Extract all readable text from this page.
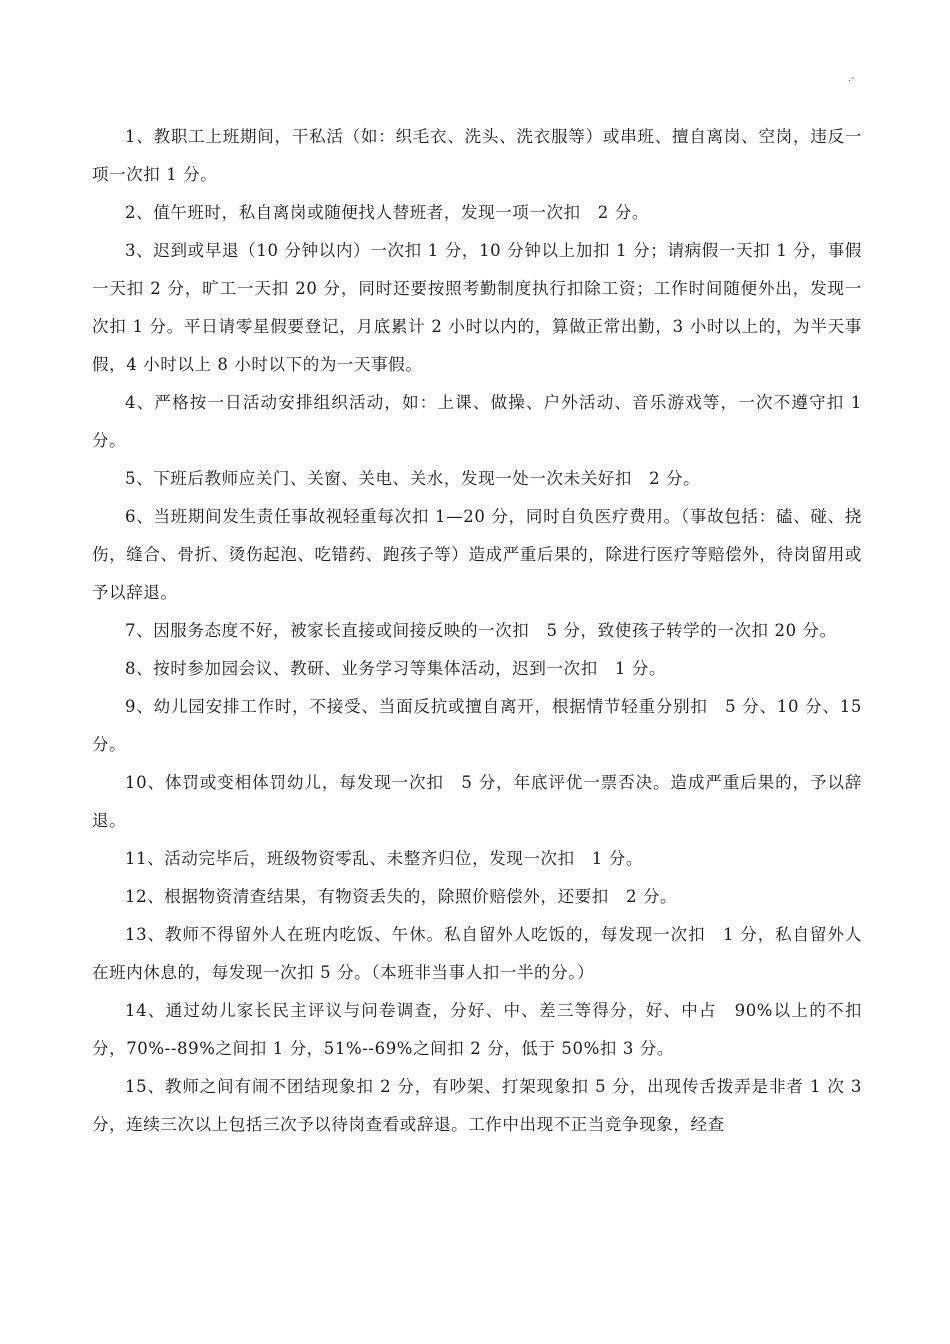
.-

1、教职工上班期间，干私活（如：织毛衣、洗头、洗衣服等）或串班、擅自离岗、空岗，违反一项一次扣 1 分。

2、值午班时，私自离岗或随便找人替班者，发现一项一次扣　2 分。

3、迟到或早退（10 分钟以内）一次扣 1 分，10 分钟以上加扣 1 分；请病假一天扣 1 分，事假一天扣 2 分，旷工一天扣 20 分，同时还要按照考勤制度执行扣除工资；工作时间随便外出，发现一次扣 1 分。平日请零星假要登记，月底累计 2 小时以内的，算做正常出勤，3 小时以上的，为半天事假，4 小时以上 8 小时以下的为一天事假。

4、严格按一日活动安排组织活动，如：上课、做操、户外活动、音乐游戏等，一次不遵守扣 1 分。

5、下班后教师应关门、关窗、关电、关水，发现一处一次未关好扣　2 分。

6、当班期间发生责任事故视轻重每次扣 1—20 分，同时自负医疗费用。（事故包括：磕、碰、挠伤，缝合、骨折、烫伤起泡、吃错药、跑孩子等）造成严重后果的，除进行医疗等赔偿外，待岗留用或予以辞退。

7、因服务态度不好，被家长直接或间接反映的一次扣　5 分，致使孩子转学的一次扣 20 分。

8、按时参加园会议、教研、业务学习等集体活动，迟到一次扣　1 分。

9、幼儿园安排工作时，不接受、当面反抗或擅自离开，根据情节轻重分别扣　5 分、10 分、15 分。

10、体罚或变相体罚幼儿，每发现一次扣　5 分，年底评优一票否决。造成严重后果的，予以辞退。

11、活动完毕后，班级物资零乱、未整齐归位，发现一次扣　1 分。

12、根据物资清查结果，有物资丢失的，除照价赔偿外，还要扣　2 分。

13、教师不得留外人在班内吃饭、午休。私自留外人吃饭的，每发现一次扣　1 分，私自留外人在班内休息的，每发现一次扣 5 分。（本班非当事人扣一半的分。）

14、通过幼儿家长民主评议与问卷调查，分好、中、差三等得分，好、中占　90%以上的不扣分，70%--89%之间扣 1 分，51%--69%之间扣 2 分，低于 50%扣 3 分。

15、教师之间有闹不团结现象扣 2 分，有吵架、打架现象扣 5 分，出现传舌拨弄是非者 1 次 3 分，连续三次以上包括三次予以待岗查看或辞退。工作中出现不正当竞争现象，经查
